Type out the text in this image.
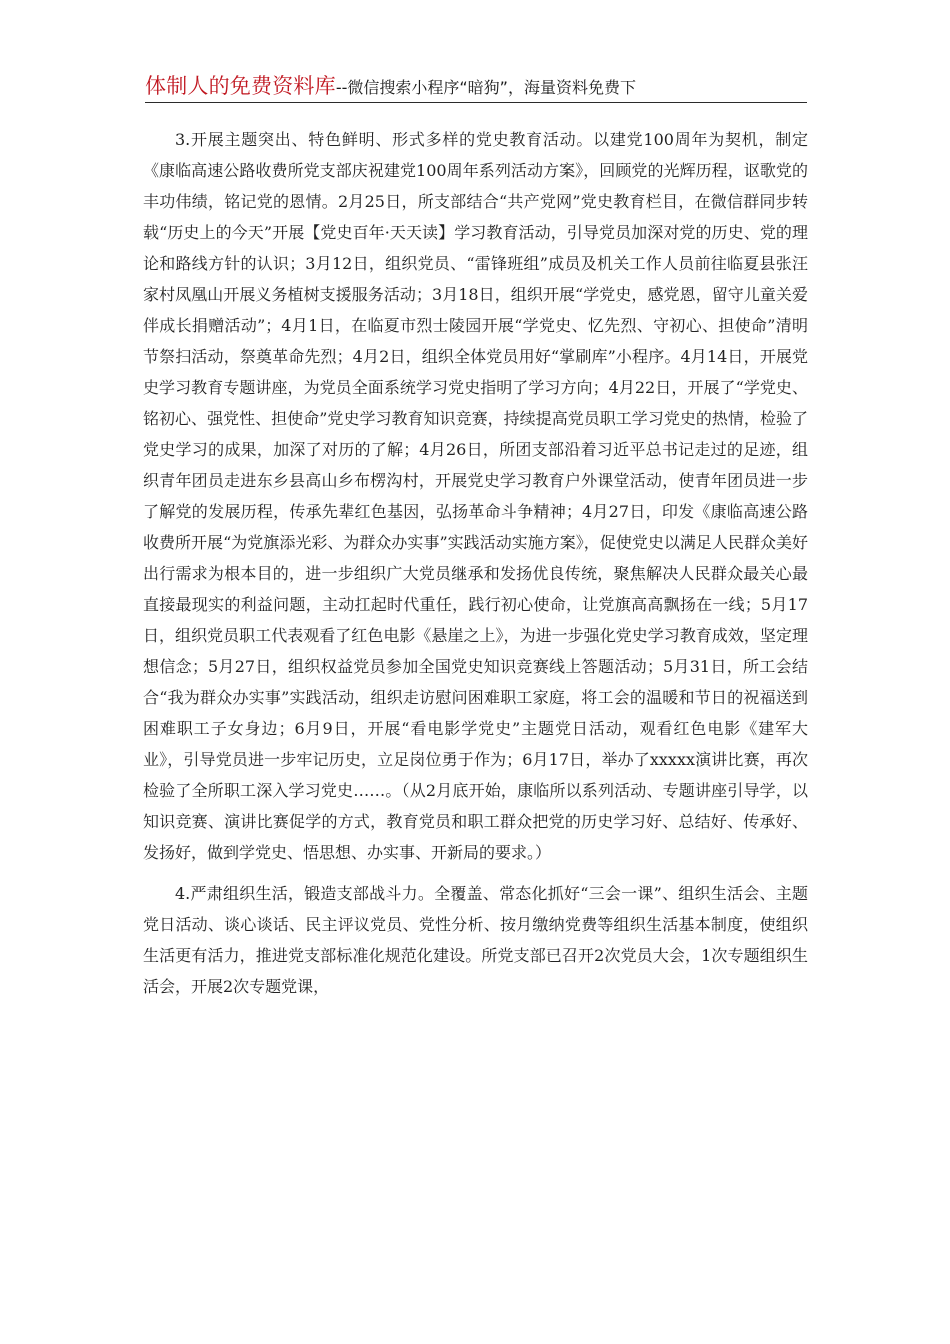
体制人的免费资料库--微信搜索小程序“暗狗”，海量资料免费下

3.开展主题突出、特色鲜明、形式多样的党史教育活动。以建党100周年为契机，制定《康临高速公路收费所党支部庆祝建党100周年系列活动方案》，回顾党的光辉历程，讴歌党的丰功伟绩，铭记党的恩情。2月25日，所支部结合“共产党网”党史教育栏目，在微信群同步转载“历史上的今天”开展【党史百年·天天读】学习教育活动，引导党员加深对党的历史、党的理论和路线方针的认识；3月12日，组织党员、“雷锋班组”成员及机关工作人员前往临夏县张汪家村凤凰山开展义务植树支援服务活动；3月18日，组织开展“学党史，感党恩，留守儿童关爱伴成长捐赠活动”；4月1日，在临夏市烈士陵园开展“学党史、忆先烈、守初心、担使命”清明节祭扫活动，祭奠革命先烈；4月2日，组织全体党员用好“掌刷库”小程序。4月14日，开展党史学习教育专题讲座，为党员全面系统学习党史指明了学习方向；4月22日，开展了“学党史、铭初心、强党性、担使命”党史学习教育知识竞赛，持续提高党员职工学习党史的热情，检验了党史学习的成果，加深了对历的了解；4月26日，所团支部沿着习近平总书记走过的足迹，组织青年团员走进东乡县高山乡布楞沟村，开展党史学习教育户外课堂活动，使青年团员进一步了解党的发展历程，传承先辈红色基因，弘扬革命斗争精神；4月27日，印发《康临高速公路收费所开展“为党旗添光彩、为群众办实事”实践活动实施方案》，促使党史以满足人民群众美好出行需求为根本目的，进一步组织广大党员继承和发扬优良传统，聚焦解决人民群众最关心最直接最现实的利益问题，主动扛起时代重任，践行初心使命，让党旗高高飘扬在一线；5月17日，组织党员职工代表观看了红色电影《悬崖之上》，为进一步强化党史学习教育成效，坚定理想信念；5月27日，组织权益党员参加全国党史知识竞赛线上答题活动；5月31日，所工会结合“我为群众办实事”实践活动，组织走访慰问困难职工家庭，将工会的温暖和节日的祝福送到困难职工子女身边；6月9日，开展“看电影学党史”主题党日活动，观看红色电影《建军大业》，引导党员进一步牢记历史，立足岗位勇于作为；6月17日，举办了xxxxx演讲比赛，再次检验了全所职工深入学习党史……。（从2月底开始，康临所以系列活动、专题讲座引导学，以知识竞赛、演讲比赛促学的方式，教育党员和职工群众把党的历史学习好、总结好、传承好、发扬好，做到学党史、悟思想、办实事、开新局的要求。）

4.严肃组织生活，锻造支部战斗力。全覆盖、常态化抓好“三会一课”、组织生活会、主题党日活动、谈心谈话、民主评议党员、党性分析、按月缴纳党费等组织生活基本制度，使组织生活更有活力，推进党支部标准化规范化建设。所党支部已召开2次党员大会，1次专题组织生活会，开展2次专题党课，
